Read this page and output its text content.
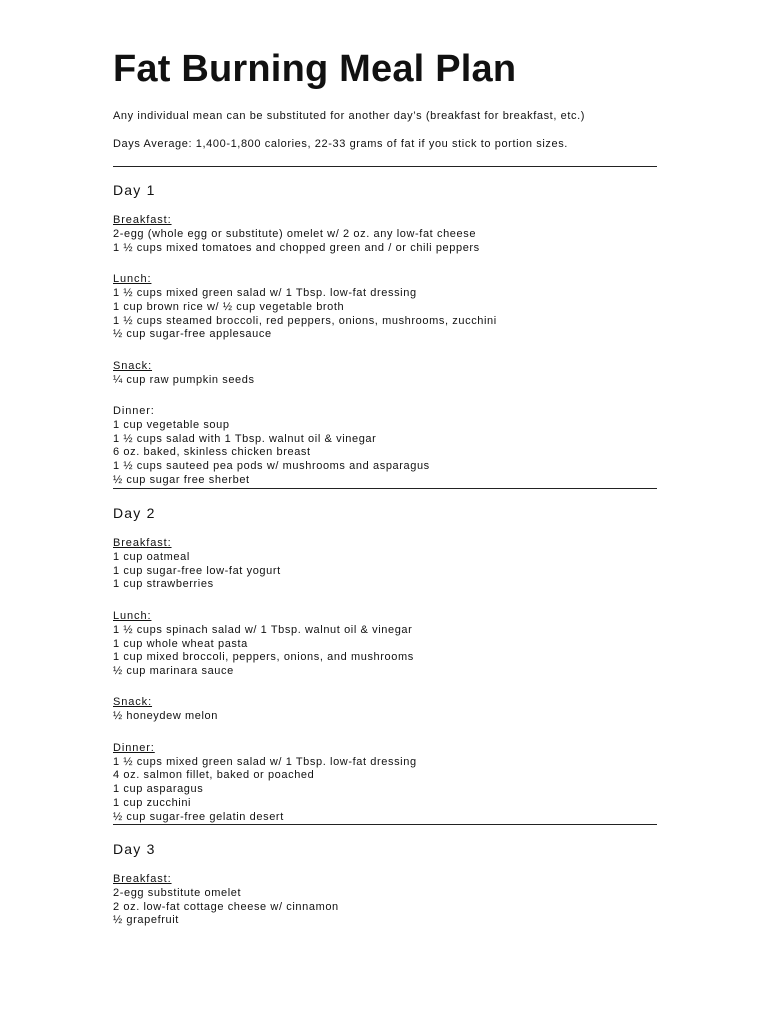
Fat Burning Meal Plan

Any individual mean can be substituted for another day’s (breakfast for breakfast, etc.)

Days Average: 1,400-1,800 calories, 22-33 grams of fat if you stick to portion sizes.

Day 1
Breakfast:
2-egg (whole egg or substitute) omelet w/ 2 oz. any low-fat cheese
1 ½ cups mixed tomatoes and chopped green and / or chili peppers
Lunch:
1 ½ cups mixed green salad w/ 1 Tbsp. low-fat dressing
1 cup brown rice w/ ½ cup vegetable broth
1 ½ cups steamed broccoli, red peppers, onions, mushrooms, zucchini
½ cup sugar-free applesauce
Snack:
¼ cup raw pumpkin seeds
Dinner:
1 cup vegetable soup
1 ½ cups salad with 1 Tbsp. walnut oil & vinegar
6 oz. baked, skinless chicken breast
1 ½ cups sauteed pea pods w/ mushrooms and asparagus
½ cup sugar free sherbet
Day 2
Breakfast:
1 cup oatmeal
1 cup sugar-free low-fat yogurt
1 cup strawberries
Lunch:
1 ½ cups spinach salad w/ 1 Tbsp. walnut oil & vinegar
1 cup whole wheat pasta
1 cup mixed broccoli, peppers, onions, and mushrooms
½ cup marinara sauce
Snack:
½ honeydew melon
Dinner:
1 ½ cups mixed green salad w/ 1 Tbsp. low-fat dressing
4 oz. salmon fillet, baked or poached
1 cup asparagus
1 cup zucchini
½ cup sugar-free gelatin desert
Day 3
Breakfast:
2-egg substitute omelet
2 oz. low-fat cottage cheese w/ cinnamon
½ grapefruit
